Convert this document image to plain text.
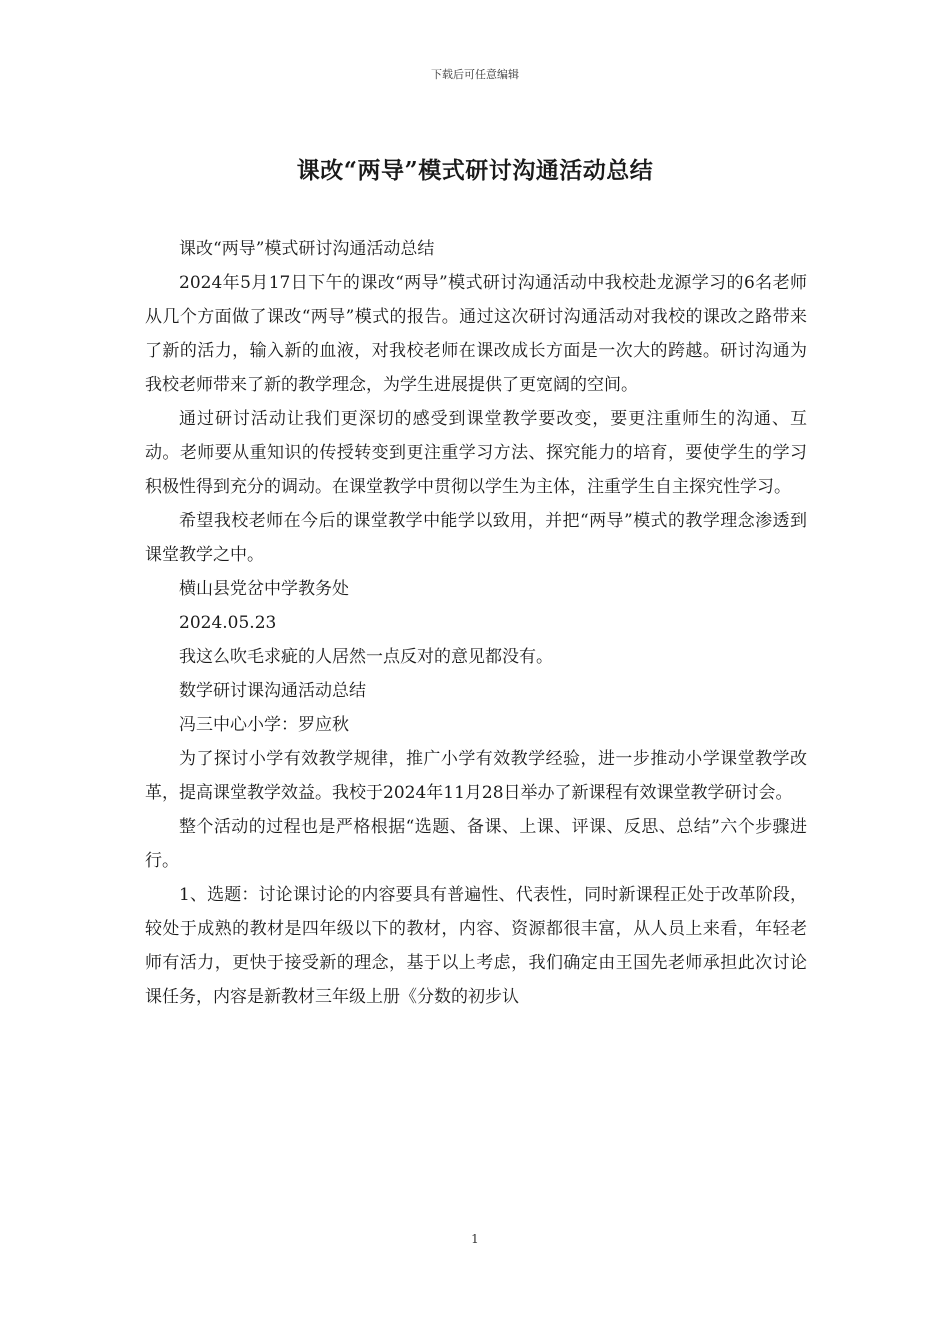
下载后可任意编辑
课改“两导”模式研讨沟通活动总结

课改“两导”模式研讨沟通活动总结

2024年5月17日下午的课改“两导”模式研讨沟通活动中我校赴龙源学习的6名老师从几个方面做了课改“两导”模式的报告。通过这次研讨沟通活动对我校的课改之路带来了新的活力，输入新的血液，对我校老师在课改成长方面是一次大的跨越。研讨沟通为我校老师带来了新的教学理念，为学生进展提供了更宽阔的空间。

通过研讨活动让我们更深切的感受到课堂教学要改变，要更注重师生的沟通、互动。老师要从重知识的传授转变到更注重学习方法、探究能力的培育，要使学生的学习积极性得到充分的调动。在课堂教学中贯彻以学生为主体，注重学生自主探究性学习。

希望我校老师在今后的课堂教学中能学以致用，并把“两导”模式的教学理念渗透到课堂教学之中。

横山县党岔中学教务处

2024.05.23

我这么吹毛求疵的人居然一点反对的意见都没有。

数学研讨课沟通活动总结

冯三中心小学：罗应秋

为了探讨小学有效教学规律，推广小学有效教学经验，进一步推动小学课堂教学改革，提高课堂教学效益。我校于2024年11月28日举办了新课程有效课堂教学研讨会。

整个活动的过程也是严格根据“选题、备课、上课、评课、反思、总结”六个步骤进行。

1、选题：讨论课讨论的内容要具有普遍性、代表性，同时新课程正处于改革阶段，较处于成熟的教材是四年级以下的教材，内容、资源都很丰富，从人员上来看，年轻老师有活力，更快于接受新的理念，基于以上考虑，我们确定由王国先老师承担此次讨论课任务，内容是新教材三年级上册《分数的初步认

1
